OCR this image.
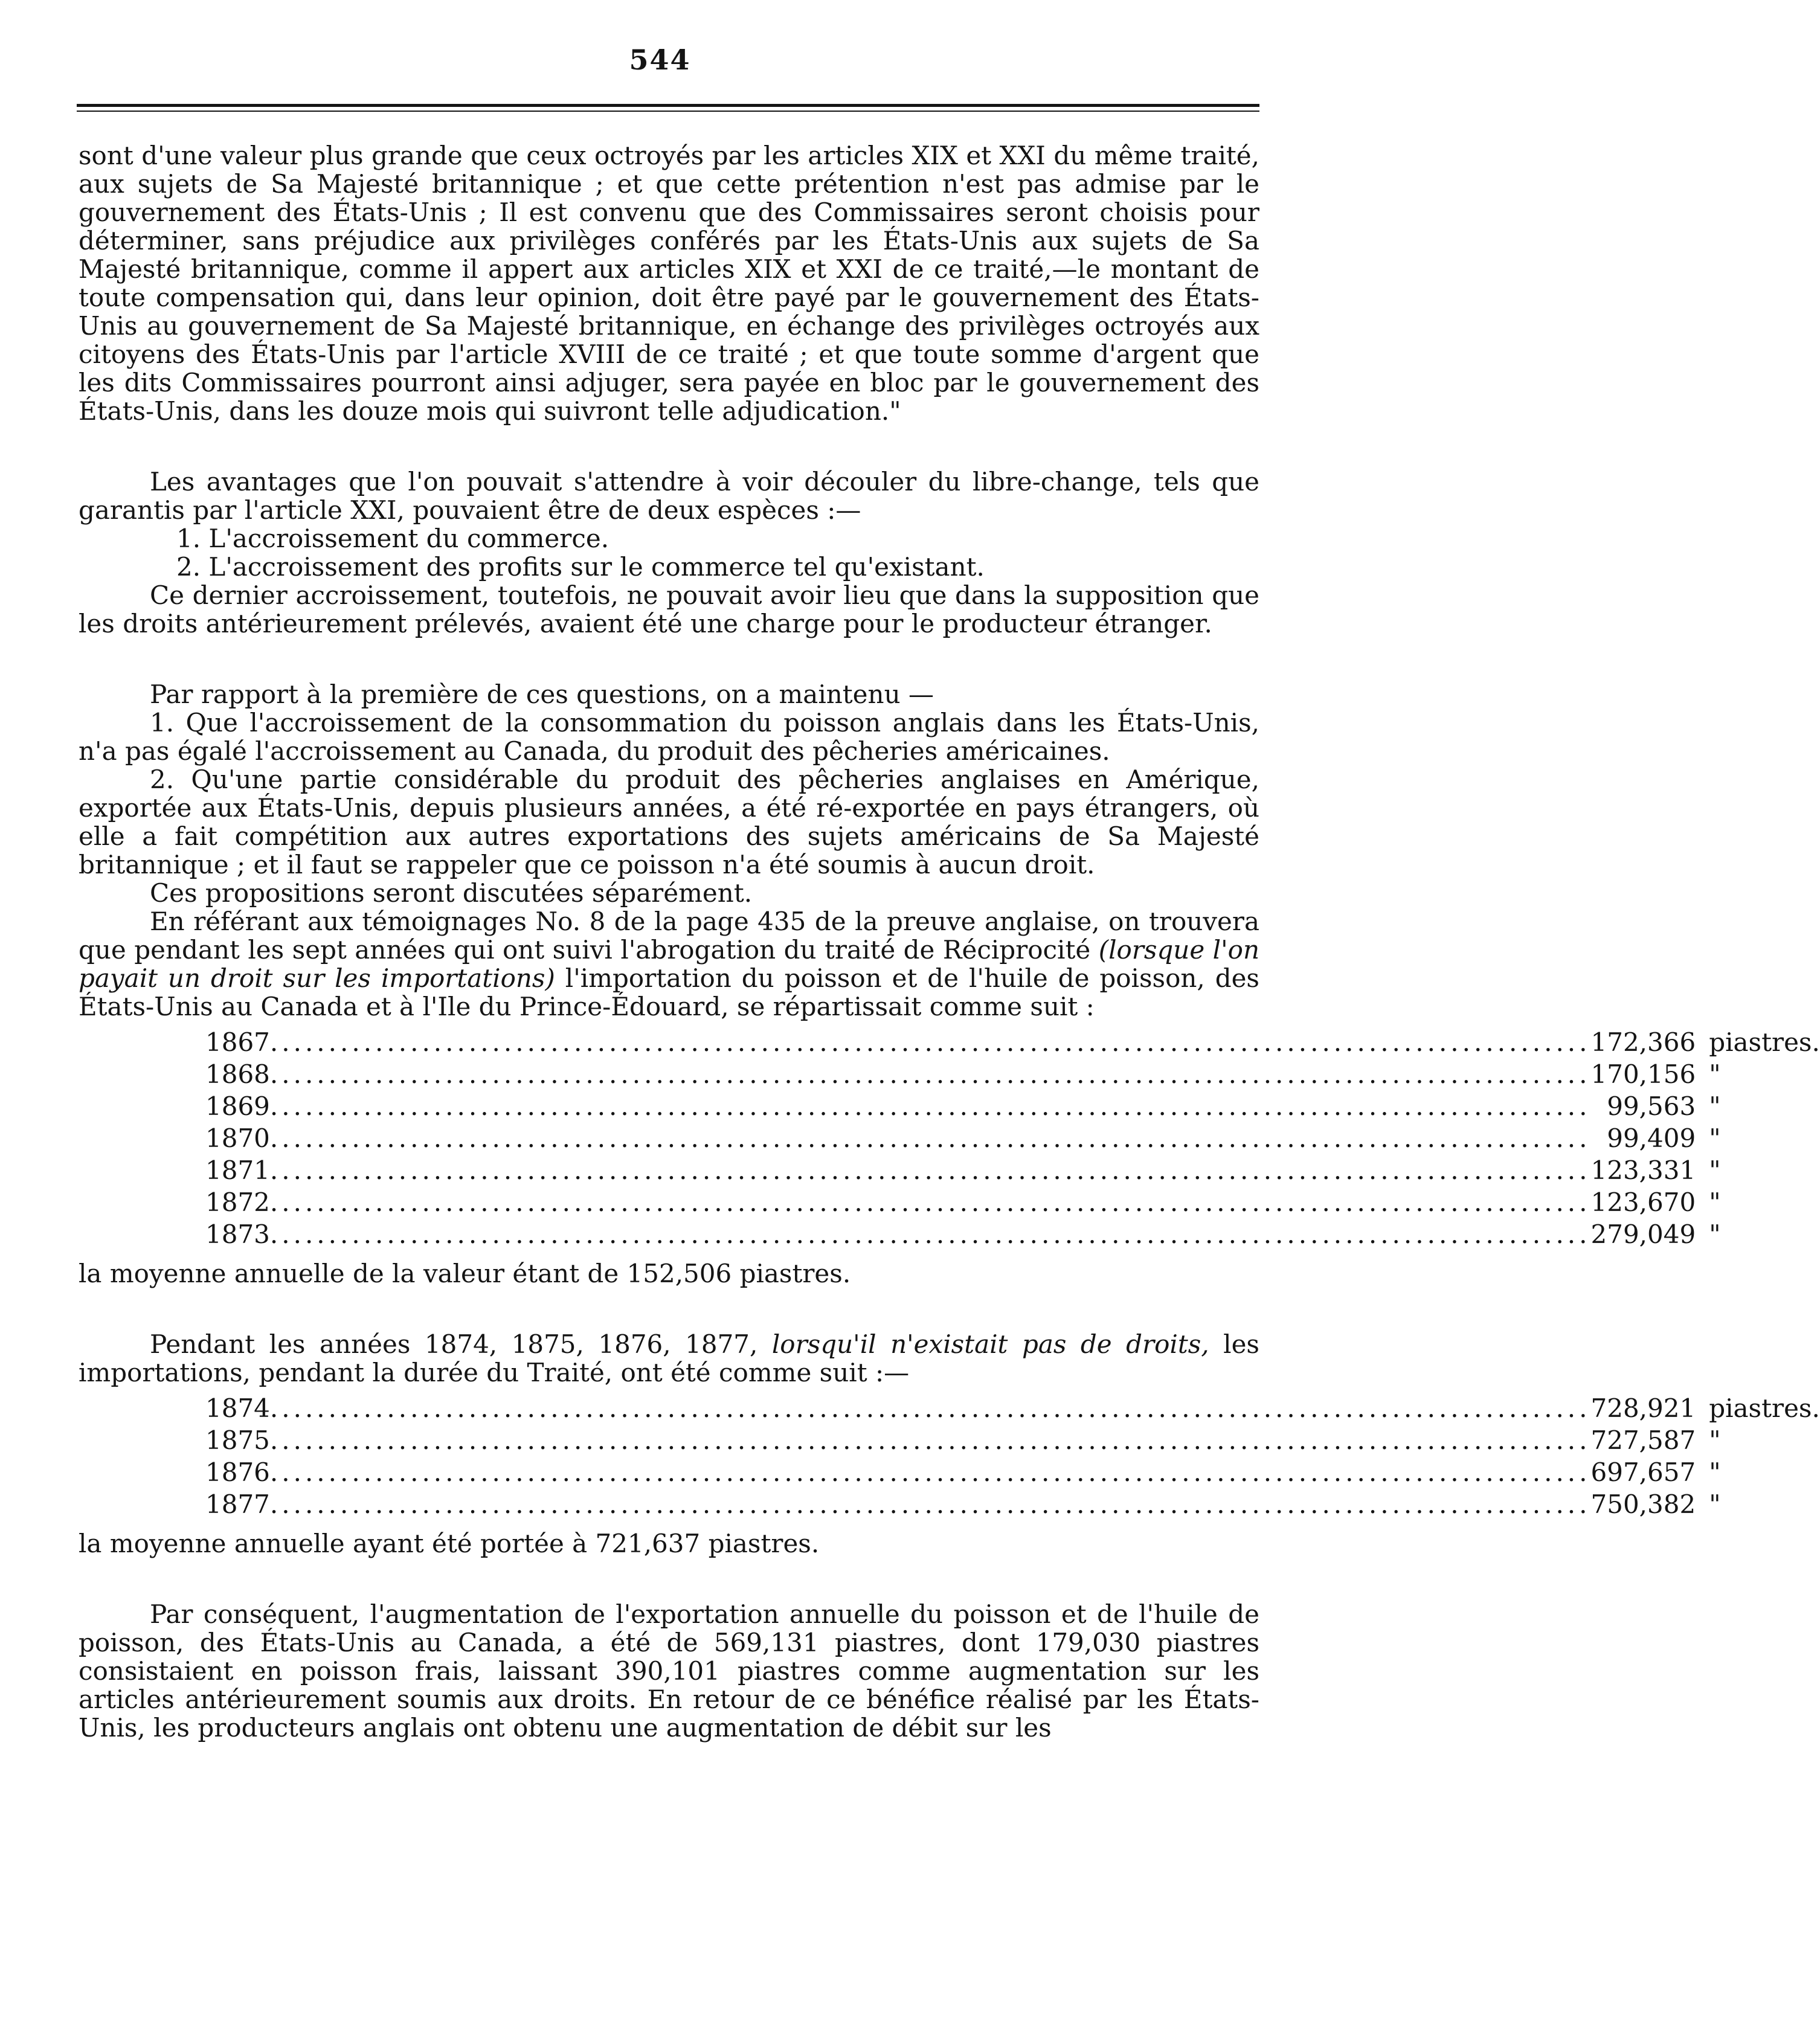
544

sont d'une valeur plus grande que ceux octroyés par les articles XIX et XXI du même traité, aux sujets de Sa Majesté britannique ; et que cette prétention n'est pas admise par le gouvernement des États-Unis ; Il est convenu que des Commissaires seront choisis pour déterminer, sans préjudice aux privilèges conférés par les États-Unis aux sujets de Sa Majesté britannique, comme il appert aux articles XIX et XXI de ce traité,—le montant de toute compensation qui, dans leur opinion, doit être payé par le gouvernement des États-Unis au gouvernement de Sa Majesté britannique, en échange des privilèges octroyés aux citoyens des États-Unis par l'article XVIII de ce traité ; et que toute somme d'argent que les dits Commissaires pourront ainsi adjuger, sera payée en bloc par le gouvernement des États-Unis, dans les douze mois qui suivront telle adjudication."

Les avantages que l'on pouvait s'attendre à voir découler du libre-change, tels que garantis par l'article XXI, pouvaient être de deux espèces :—

1. L'accroissement du commerce.

2. L'accroissement des profits sur le commerce tel qu'existant.

Ce dernier accroissement, toutefois, ne pouvait avoir lieu que dans la supposition que les droits antérieurement prélevés, avaient été une charge pour le producteur étranger.

Par rapport à la première de ces questions, on a maintenu —

1. Que l'accroissement de la consommation du poisson anglais dans les États-Unis, n'a pas égalé l'accroissement au Canada, du produit des pêcheries américaines.

2. Qu'une partie considérable du produit des pêcheries anglaises en Amérique, exportée aux États-Unis, depuis plusieurs années, a été ré-exportée en pays étrangers, où elle a fait compétition aux autres exportations des sujets américains de Sa Majesté britannique ; et il faut se rappeler que ce poisson n'a été soumis à aucun droit.

Ces propositions seront discutées séparément.

En référant aux témoignages No. 8 de la page 435 de la preuve anglaise, on trouvera que pendant les sept années qui ont suivi l'abrogation du traité de Réciprocité (lorsque l'on payait un droit sur les importations) l'importation du poisson et de l'huile de poisson, des États-Unis au Canada et à l'Ile du Prince-Édouard, se répartissait comme suit :

1867	.................................................................................................................	172,366	piastres.
1868	.................................................................................................................	170,156	"
1869	.................................................................................................................	99,563	"
1870	.................................................................................................................	99,409	"
1871	.................................................................................................................	123,331	"
1872	.................................................................................................................	123,670	"
1873	.................................................................................................................	279,049	"

la moyenne annuelle de la valeur étant de 152,506 piastres.

Pendant les années 1874, 1875, 1876, 1877, lorsqu'il n'existait pas de droits, les importations, pendant la durée du Traité, ont été comme suit :—

1874	.................................................................................................................	728,921	piastres.
1875	.................................................................................................................	727,587	"
1876	.................................................................................................................	697,657	"
1877	.................................................................................................................	750,382	"

la moyenne annuelle ayant été portée à 721,637 piastres.

Par conséquent, l'augmentation de l'exportation annuelle du poisson et de l'huile de poisson, des États-Unis au Canada, a été de 569,131 piastres, dont 179,030 piastres consistaient en poisson frais, laissant 390,101 piastres comme augmentation sur les articles antérieurement soumis aux droits. En retour de ce bénéfice réalisé par les États-Unis, les producteurs anglais ont obtenu une augmentation de débit sur les
